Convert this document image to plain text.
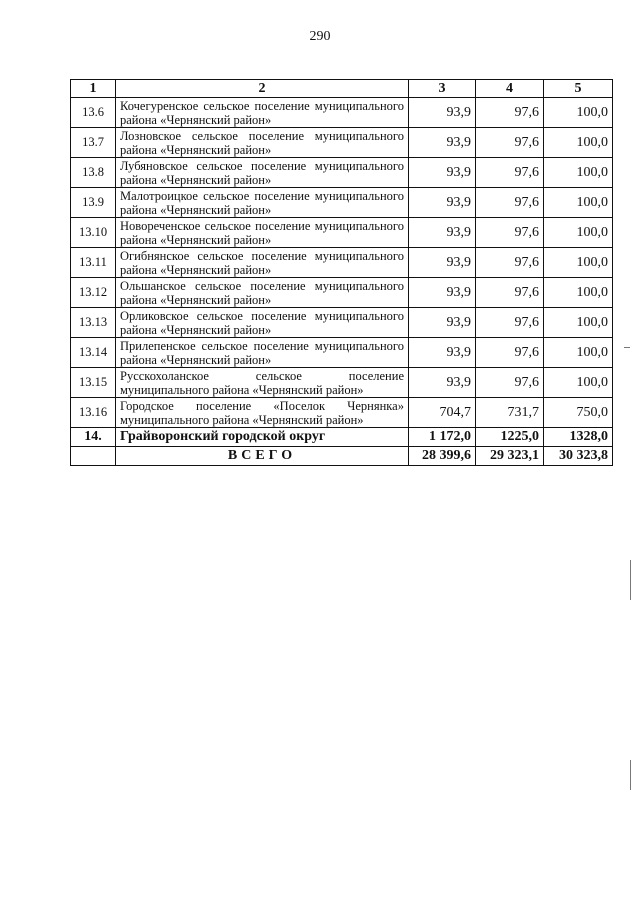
290
1	2	3	4	5
13.6	Кочегуренское сельское поселение муниципального района «Чернянский район»	93,9	97,6	100,0
13.7	Лозновское сельское поселение муниципального района «Чернянский район»	93,9	97,6	100,0
13.8	Лубяновское сельское поселение муниципального района «Чернянский район»	93,9	97,6	100,0
13.9	Малотроицкое сельское поселение муниципального района «Чернянский район»	93,9	97,6	100,0
13.10	Новореченское сельское поселение муниципального района «Чернянский район»	93,9	97,6	100,0
13.11	Огибнянское сельское поселение муниципального района «Чернянский район»	93,9	97,6	100,0
13.12	Ольшанское сельское поселение муниципального района «Чернянский район»	93,9	97,6	100,0
13.13	Орликовское сельское поселение муниципального района «Чернянский район»	93,9	97,6	100,0
13.14	Прилепенское сельское поселение муниципального района «Чернянский район»	93,9	97,6	100,0
13.15	Русскохоланское сельское поселение муниципального района «Чернянский район»	93,9	97,6	100,0
13.16	Городское поселение «Поселок Чернянка» муниципального района «Чернянский район»	704,7	731,7	750,0
14.	Грайворонский городской округ	1 172,0	1225,0	1328,0
	ВСЕГО	28 399,6	29 323,1	30 323,8
